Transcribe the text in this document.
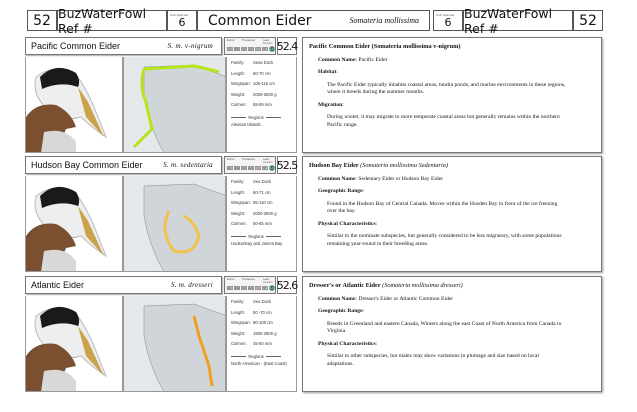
52 BuzWaterFowl Ref #
Sub Species
6 Common Eider	Somateria mollissima
Sub Species
6
BuzWaterFowl Ref #	52
Pacific Common Eider	S. m. v-nigrum
Extinct	Threatened	Least Concern
EX	EW	CR	EN	VU	NT	LC 52.4
Family:	Seas Duck
Length:	60-70 cm
Wingspan: 105-115 cm
Weight:	2000-3000 g
Culmen:	55-65 mm
Regions
Aleutian Islands
Pacific Common Eider (Somateria mollissima v-nigrum)
Common Name: Pacific Eider
Habitat:
The Pacific Eider typically inhabits coastal areas, tundra ponds, and marine environments in these regions, where it breeds during the summer months.
Migration:
During winter, it may migrate to more temperate coastal areas but generally remains within the northern Pacific range.
Hudson Bay Common Eider	S. m. sedentaria
Extinct	Threatened	Least Concern
EX	EW	CR	EN	VU	NT	LC 52.5
Family:	Sea Duck
Length:	60-71 cm
Wingspan: 95-110 cm
Weight:	2000-3000 g
Culmen:	50-65 mm
Regions
Hudsonbay and James Bay
Hudson Bay Eider (Somateria mollissima Sedentaria)
Common Name: Sedentary Eider or Hudson Bay Eider
Geographic Range:
Found in the Hudson Bay of Central Canada. Moves within the Husden Bay in front of the ice freezing over the bay.
Physical Characteristics:
Similar to the nominate subspecies, but generally considered to be less migratory, with some populations remaining year-round in their breeding areas.
Atlantic Eider	S. m. dresseri
Extinct	Threatened	Least Concern
EX	EW	CR	EN	VU	NT	LC 52.6
Family:	Sea Duck
Length:	50 -70 cm
Wingspan: 90-100 cm
Weight:	1800-2800 g
Culmen:	45-50 mm
Regions
North American - (East Coast)
Dresser's or Atlantic Eider (Somateria mollissima dresseri)
Common Name: Dresser's Eider or Atlantic Common Eider
Geographic Range:
Breeds in Greenland and eastern Canada, Winters along the east Coast of North America from Canada to Virginia
Physical Characteristics:
Similar to other subspecies, but males may show variations in plumage and size based on local adaptations.
